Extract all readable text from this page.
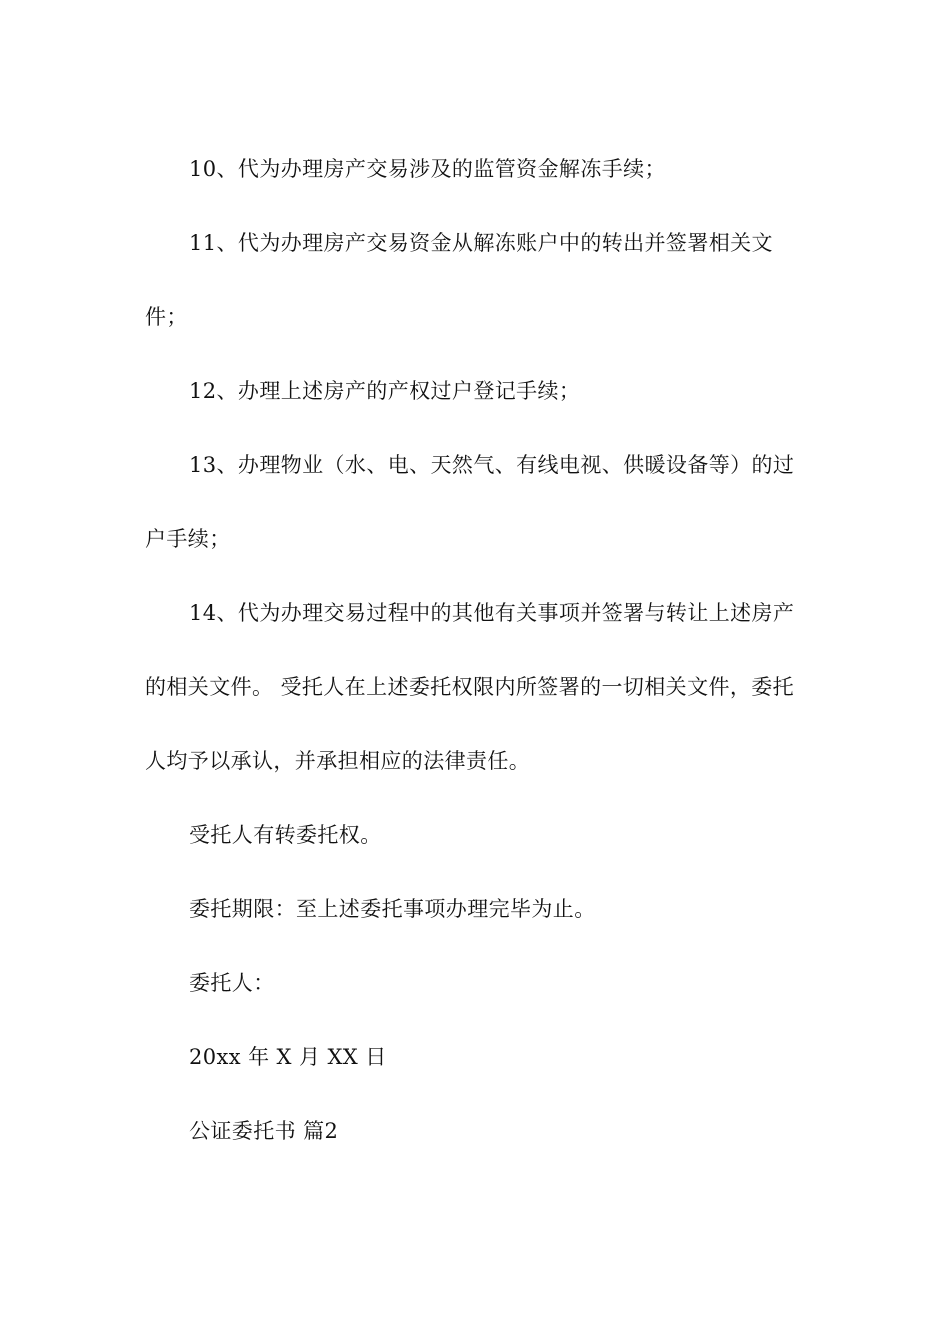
10、代为办理房产交易涉及的监管资金解冻手续；

11、代为办理房产交易资金从解冻账户中的转出并签署相关文件；

12、办理上述房产的产权过户登记手续；

13、办理物业（水、电、天然气、有线电视、供暖设备等）的过户手续；

14、代为办理交易过程中的其他有关事项并签署与转让上述房产的相关文件。 受托人在上述委托权限内所签署的一切相关文件，委托人均予以承认，并承担相应的法律责任。

受托人有转委托权。

委托期限：至上述委托事项办理完毕为止。

委托人：

20xx 年 X 月 XX 日

公证委托书 篇2
